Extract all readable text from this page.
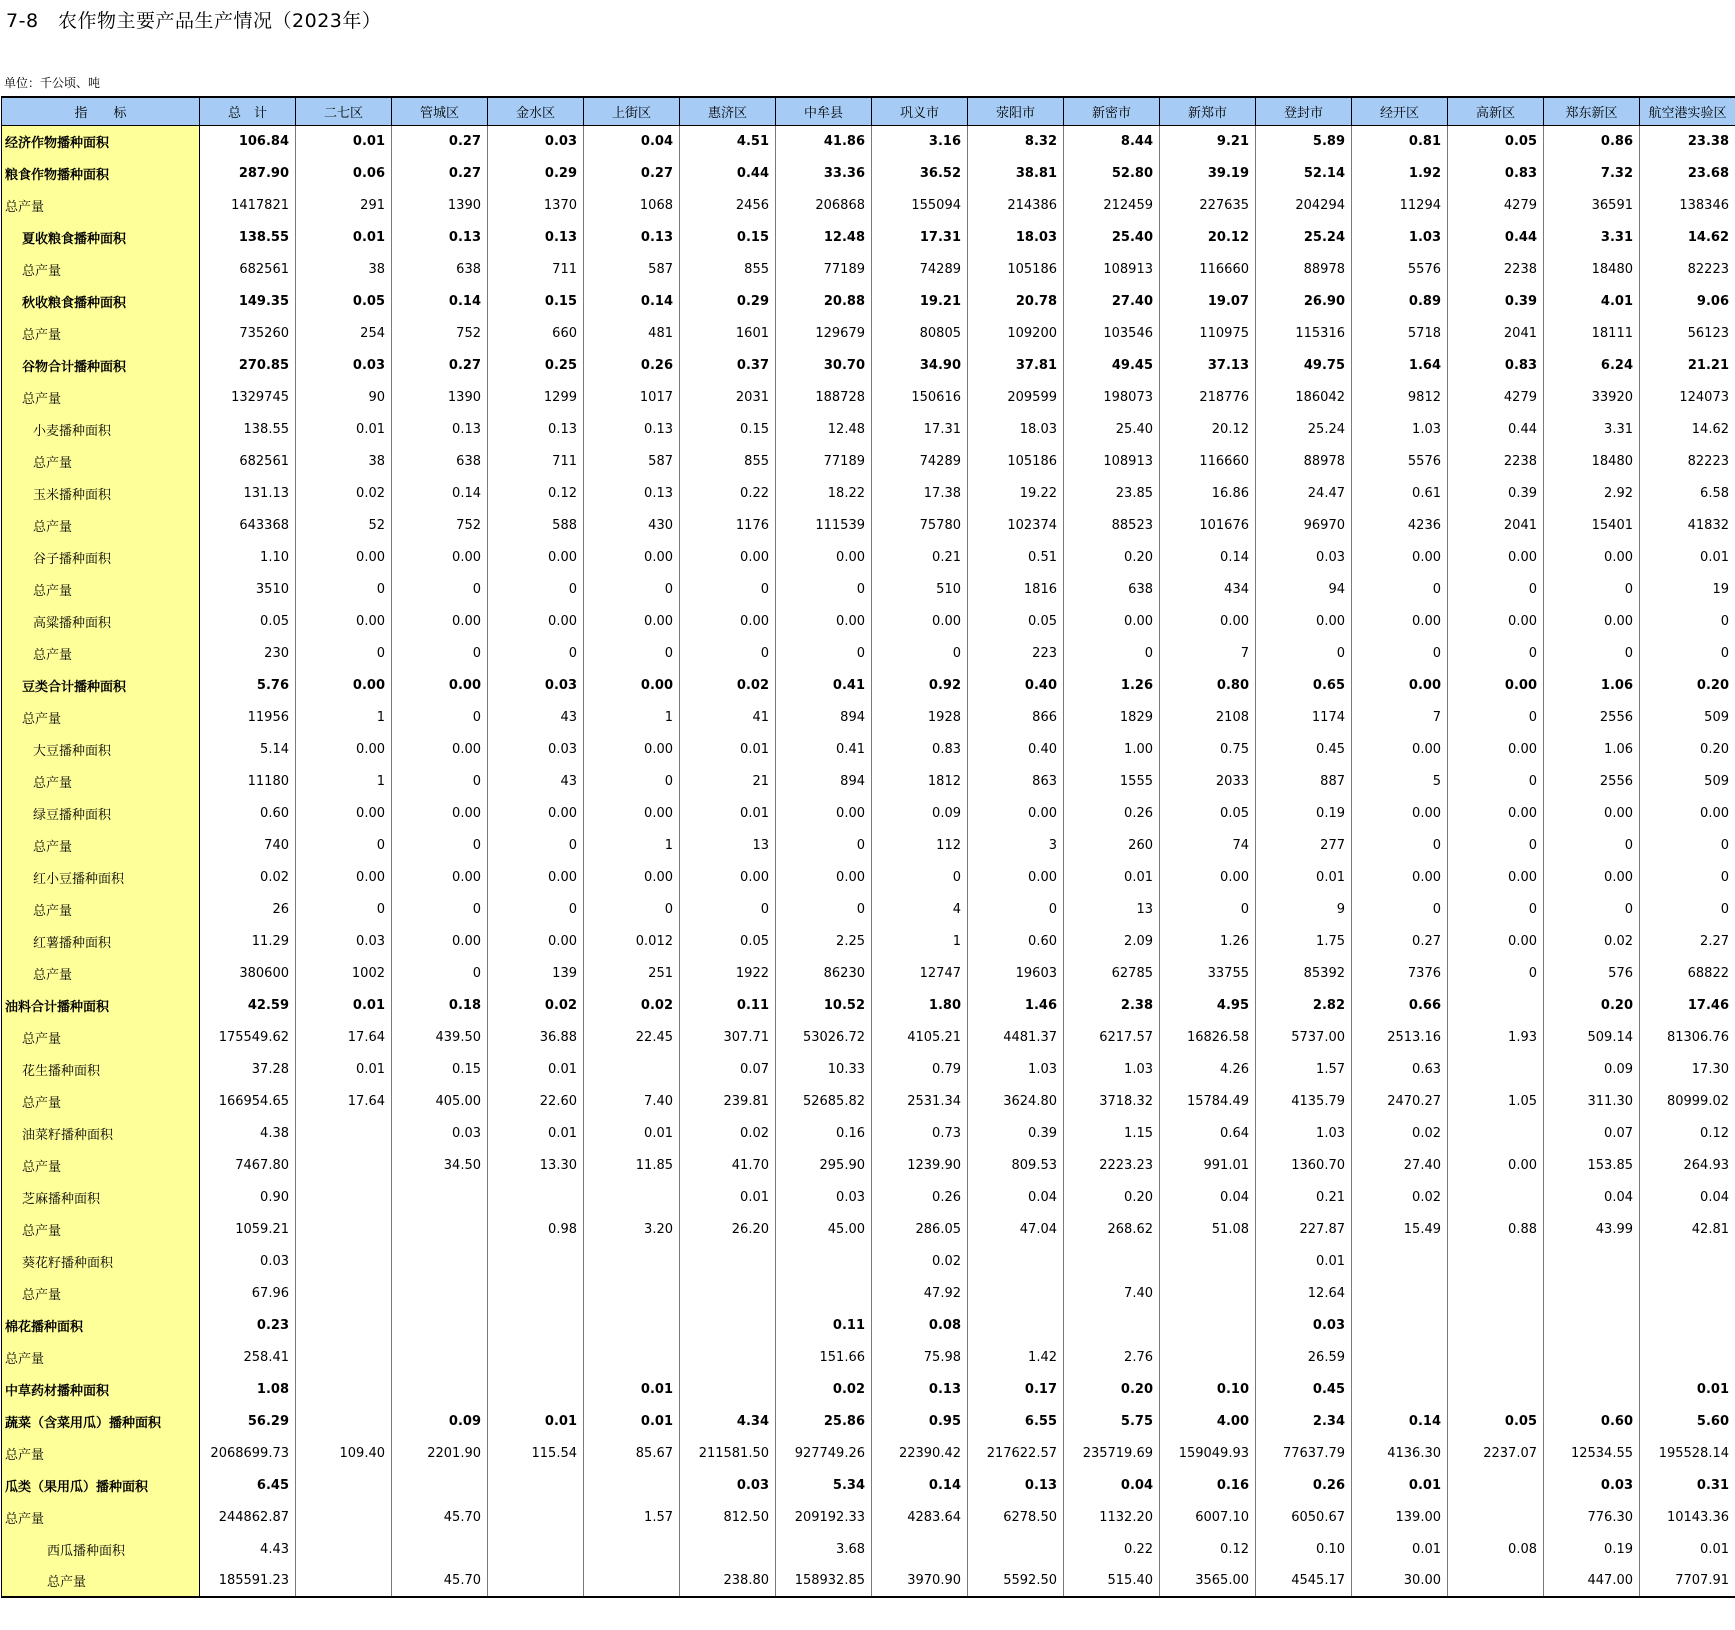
7-8　农作物主要产品生产情况（2023年）
单位：千公顷、吨
指　　标	总　计	二七区	管城区	金水区	上街区	惠济区	中牟县	巩义市	荥阳市	新密市	新郑市	登封市	经开区	高新区	郑东新区	航空港实验区
经济作物播种面积	106.84	0.01	0.27	0.03	0.04	4.51	41.86	3.16	8.32	8.44	9.21	5.89	0.81	0.05	0.86	23.38
粮食作物播种面积	287.90	0.06	0.27	0.29	0.27	0.44	33.36	36.52	38.81	52.80	39.19	52.14	1.92	0.83	7.32	23.68
总产量	1417821	291	1390	1370	1068	2456	206868	155094	214386	212459	227635	204294	11294	4279	36591	138346
夏收粮食播种面积	138.55	0.01	0.13	0.13	0.13	0.15	12.48	17.31	18.03	25.40	20.12	25.24	1.03	0.44	3.31	14.62
总产量	682561	38	638	711	587	855	77189	74289	105186	108913	116660	88978	5576	2238	18480	82223
秋收粮食播种面积	149.35	0.05	0.14	0.15	0.14	0.29	20.88	19.21	20.78	27.40	19.07	26.90	0.89	0.39	4.01	9.06
总产量	735260	254	752	660	481	1601	129679	80805	109200	103546	110975	115316	5718	2041	18111	56123
谷物合计播种面积	270.85	0.03	0.27	0.25	0.26	0.37	30.70	34.90	37.81	49.45	37.13	49.75	1.64	0.83	6.24	21.21
总产量	1329745	90	1390	1299	1017	2031	188728	150616	209599	198073	218776	186042	9812	4279	33920	124073
小麦播种面积	138.55	0.01	0.13	0.13	0.13	0.15	12.48	17.31	18.03	25.40	20.12	25.24	1.03	0.44	3.31	14.62
总产量	682561	38	638	711	587	855	77189	74289	105186	108913	116660	88978	5576	2238	18480	82223
玉米播种面积	131.13	0.02	0.14	0.12	0.13	0.22	18.22	17.38	19.22	23.85	16.86	24.47	0.61	0.39	2.92	6.58
总产量	643368	52	752	588	430	1176	111539	75780	102374	88523	101676	96970	4236	2041	15401	41832
谷子播种面积	1.10	0.00	0.00	0.00	0.00	0.00	0.00	0.21	0.51	0.20	0.14	0.03	0.00	0.00	0.00	0.01
总产量	3510	0	0	0	0	0	0	510	1816	638	434	94	0	0	0	19
高粱播种面积	0.05	0.00	0.00	0.00	0.00	0.00	0.00	0.00	0.05	0.00	0.00	0.00	0.00	0.00	0.00	0
总产量	230	0	0	0	0	0	0	0	223	0	7	0	0	0	0	0
豆类合计播种面积	5.76	0.00	0.00	0.03	0.00	0.02	0.41	0.92	0.40	1.26	0.80	0.65	0.00	0.00	1.06	0.20
总产量	11956	1	0	43	1	41	894	1928	866	1829	2108	1174	7	0	2556	509
大豆播种面积	5.14	0.00	0.00	0.03	0.00	0.01	0.41	0.83	0.40	1.00	0.75	0.45	0.00	0.00	1.06	0.20
总产量	11180	1	0	43	0	21	894	1812	863	1555	2033	887	5	0	2556	509
绿豆播种面积	0.60	0.00	0.00	0.00	0.00	0.01	0.00	0.09	0.00	0.26	0.05	0.19	0.00	0.00	0.00	0.00
总产量	740	0	0	0	1	13	0	112	3	260	74	277	0	0	0	0
红小豆播种面积	0.02	0.00	0.00	0.00	0.00	0.00	0.00	0	0.00	0.01	0.00	0.01	0.00	0.00	0.00	0
总产量	26	0	0	0	0	0	0	4	0	13	0	9	0	0	0	0
红薯播种面积	11.29	0.03	0.00	0.00	0.012	0.05	2.25	1	0.60	2.09	1.26	1.75	0.27	0.00	0.02	2.27
总产量	380600	1002	0	139	251	1922	86230	12747	19603	62785	33755	85392	7376	0	576	68822
油料合计播种面积	42.59	0.01	0.18	0.02	0.02	0.11	10.52	1.80	1.46	2.38	4.95	2.82	0.66		0.20	17.46
总产量	175549.62	17.64	439.50	36.88	22.45	307.71	53026.72	4105.21	4481.37	6217.57	16826.58	5737.00	2513.16	1.93	509.14	81306.76
花生播种面积	37.28	0.01	0.15	0.01		0.07	10.33	0.79	1.03	1.03	4.26	1.57	0.63		0.09	17.30
总产量	166954.65	17.64	405.00	22.60	7.40	239.81	52685.82	2531.34	3624.80	3718.32	15784.49	4135.79	2470.27	1.05	311.30	80999.02
油菜籽播种面积	4.38		0.03	0.01	0.01	0.02	0.16	0.73	0.39	1.15	0.64	1.03	0.02		0.07	0.12
总产量	7467.80		34.50	13.30	11.85	41.70	295.90	1239.90	809.53	2223.23	991.01	1360.70	27.40	0.00	153.85	264.93
芝麻播种面积	0.90					0.01	0.03	0.26	0.04	0.20	0.04	0.21	0.02		0.04	0.04
总产量	1059.21			0.98	3.20	26.20	45.00	286.05	47.04	268.62	51.08	227.87	15.49	0.88	43.99	42.81
葵花籽播种面积	0.03							0.02				0.01				
总产量	67.96							47.92		7.40		12.64				
棉花播种面积	0.23						0.11	0.08				0.03				
总产量	258.41						151.66	75.98	1.42	2.76		26.59				
中草药材播种面积	1.08				0.01		0.02	0.13	0.17	0.20	0.10	0.45				0.01
蔬菜（含菜用瓜）播种面积	56.29		0.09	0.01	0.01	4.34	25.86	0.95	6.55	5.75	4.00	2.34	0.14	0.05	0.60	5.60
总产量	2068699.73	109.40	2201.90	115.54	85.67	211581.50	927749.26	22390.42	217622.57	235719.69	159049.93	77637.79	4136.30	2237.07	12534.55	195528.14
瓜类（果用瓜）播种面积	6.45					0.03	5.34	0.14	0.13	0.04	0.16	0.26	0.01		0.03	0.31
总产量	244862.87		45.70		1.57	812.50	209192.33	4283.64	6278.50	1132.20	6007.10	6050.67	139.00		776.30	10143.36
西瓜播种面积	4.43						3.68			0.22	0.12	0.10	0.01	0.08	0.19	0.01
总产量	185591.23		45.70			238.80	158932.85	3970.90	5592.50	515.40	3565.00	4545.17	30.00		447.00	7707.91
